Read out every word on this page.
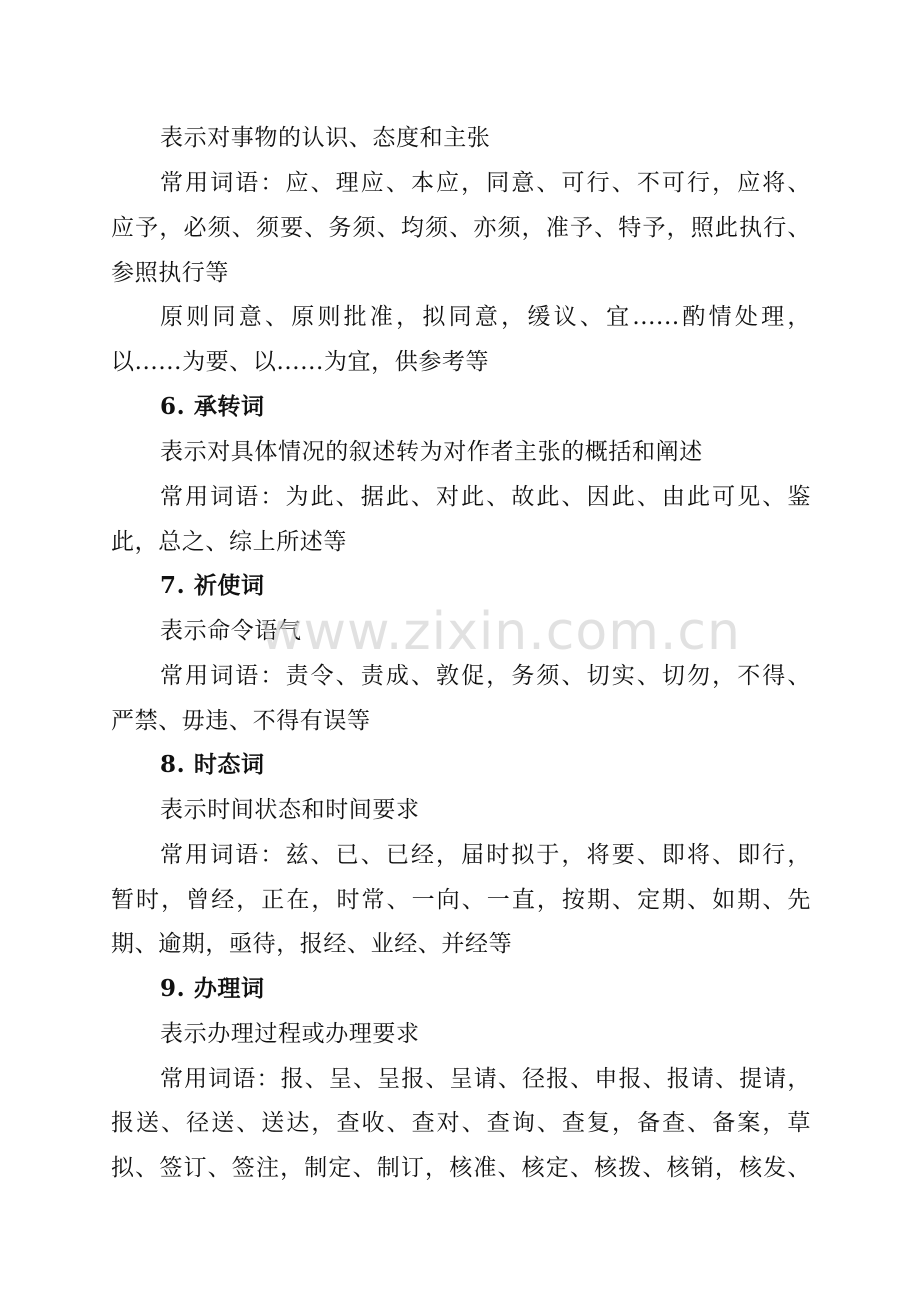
表示对事物的认识、态度和主张
常用词语：应、理应、本应，同意、可行、不可行，应将、
应予，必须、须要、务须、均须、亦须，准予、特予，照此执行、
参照执行等
原则同意、原则批准，拟同意，缓议、宜......酌情处理，
以......为要、以......为宜，供参考等
6. 承转词
表示对具体情况的叙述转为对作者主张的概括和阐述
常用词语：为此、据此、对此、故此、因此、由此可见、鉴
此，总之、综上所述等
7. 祈使词
表示命令语气
常用词语：责令、责成、敦促，务须、切实、切勿，不得、
严禁、毋违、不得有误等
8. 时态词
表示时间状态和时间要求
常用词语：兹、已、已经，届时拟于，将要、即将、即行，
暂时，曾经，正在，时常、一向、一直，按期、定期、如期、先
期、逾期，亟待，报经、业经、并经等
9. 办理词
表示办理过程或办理要求
常用词语：报、呈、呈报、呈请、径报、申报、报请、提请，
报送、径送、送达，查收、查对、查询、查复，备查、备案，草
拟、签订、签注，制定、制订，核准、核定、核拨、核销，核发、
www.zixin.com.cn
